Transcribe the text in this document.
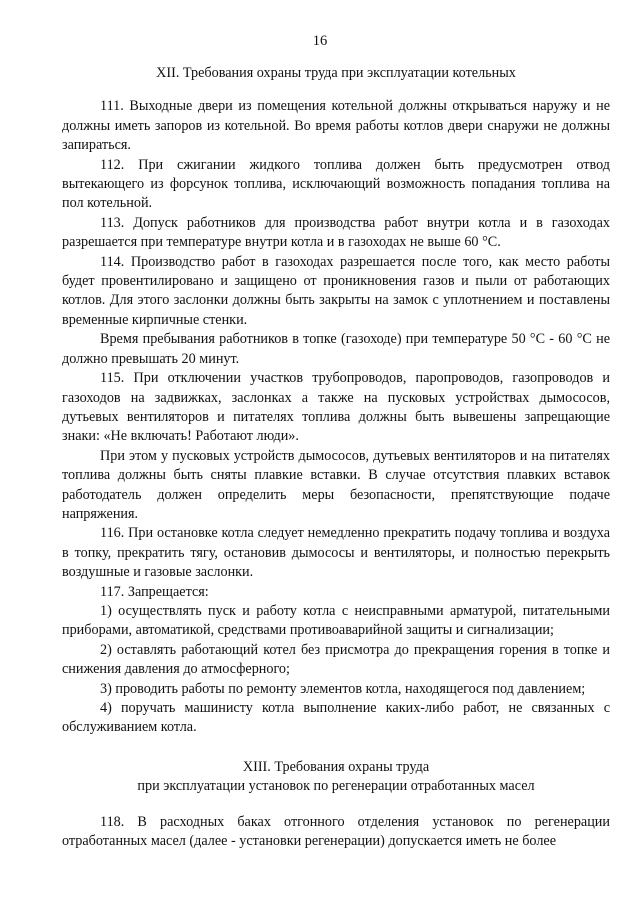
16
XII. Требования охраны труда при эксплуатации котельных

111. Выходные двери из помещения котельной должны открываться наружу и не должны иметь запоров из котельной. Во время работы котлов двери снаружи не должны запираться.

112. При сжигании жидкого топлива должен быть предусмотрен отвод вытекающего из форсунок топлива, исключающий возможность попадания топлива на пол котельной.

113. Допуск работников для производства работ внутри котла и в газоходах разрешается при температуре внутри котла и в газоходах не выше 60 °С.

114. Производство работ в газоходах разрешается после того, как место работы будет провентилировано и защищено от проникновения газов и пыли от работающих котлов. Для этого заслонки должны быть закрыты на замок с уплотнением и поставлены временные кирпичные стенки.

Время пребывания работников в топке (газоходе) при температуре 50 °С - 60 °С не должно превышать 20 минут.

115. При отключении участков трубопроводов, паропроводов, газопроводов и газоходов на задвижках, заслонках а также на пусковых устройствах дымососов, дутьевых вентиляторов и питателях топлива должны быть вывешены запрещающие знаки: «Не включать! Работают люди».

При этом у пусковых устройств дымососов, дутьевых вентиляторов и на питателях топлива должны быть сняты плавкие вставки. В случае отсутствия плавких вставок работодатель должен определить меры безопасности, препятствующие подаче напряжения.

116. При остановке котла следует немедленно прекратить подачу топлива и воздуха в топку, прекратить тягу, остановив дымососы и вентиляторы, и полностью перекрыть воздушные и газовые заслонки.

117. Запрещается:

1) осуществлять пуск и работу котла с неисправными арматурой, питательными приборами, автоматикой, средствами противоаварийной защиты и сигнализации;

2) оставлять работающий котел без присмотра до прекращения горения в топке и снижения давления до атмосферного;

3) проводить работы по ремонту элементов котла, находящегося под давлением;

4) поручать машинисту котла выполнение каких-либо работ, не связанных с обслуживанием котла.

XIII. Требования охраны труда
при эксплуатации установок по регенерации отработанных масел

118. В расходных баках отгонного отделения установок по регенерации отработанных масел (далее - установки регенерации) допускается иметь не более
